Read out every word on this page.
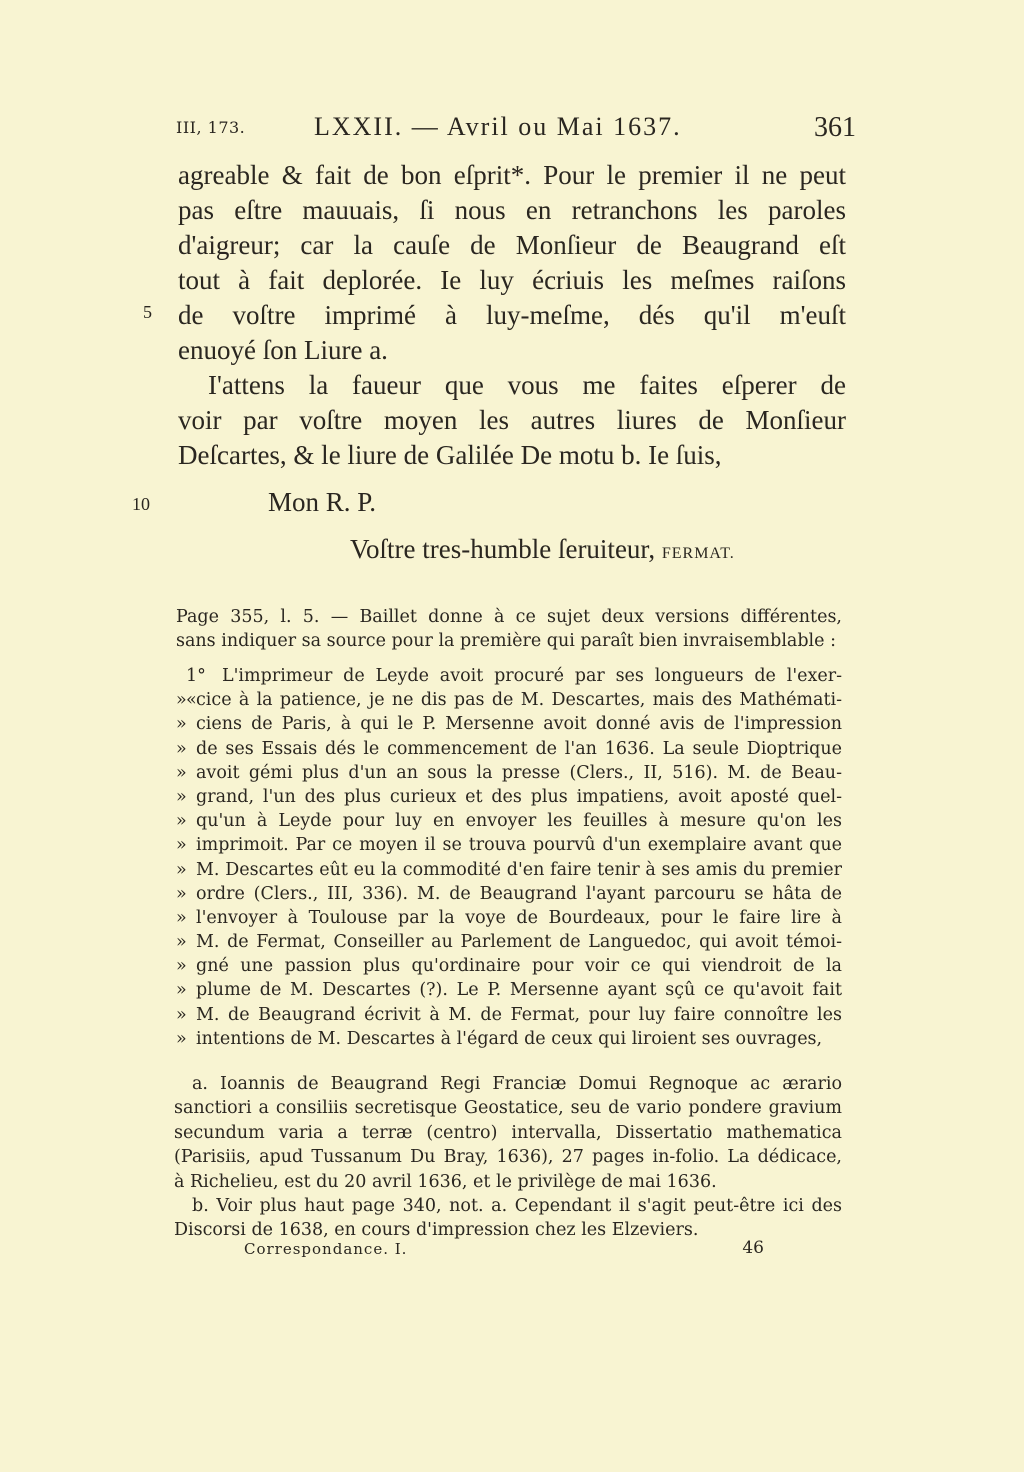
III, 173.	LXXII. — Avril ou Mai 1637.	361
agreable & fait de bon eſprit*. Pour le premier il ne peut
pas eſtre mauuais, ſi nous en retranchons les paroles
d'aigreur; car la cauſe de Monſieur de Beaugrand eſt
tout à fait deplorée. Ie luy écriuis les meſmes raiſons
de voſtre imprimé à luy-meſme, dés qu'il m'euſt
enuoyé ſon Liure a.
I'attens la faueur que vous me faites eſperer de
voir par voſtre moyen les autres liures de Monſieur
Deſcartes, & le liure de Galilée De motu b. Ie ſuis,
5
10	Mon R. P.
Voſtre tres-humble ſeruiteur, FERMAT.
Page 355, l. 5. — Baillet donne à ce sujet deux versions différentes,
sans indiquer sa source pour la première qui paraît bien invraisemblable :
1° «
L'imprimeur de Leyde avoit procuré par ses longueurs de l'exer-
» cice à la patience, je ne dis pas de M. Descartes, mais des Mathémati-
» ciens de Paris, à qui le P. Mersenne avoit donné avis de l'impression
» de ses Essais dés le commencement de l'an 1636. La seule Dioptrique
» avoit gémi plus d'un an sous la presse (Clers., II, 516). M. de Beau-
» grand, l'un des plus curieux et des plus impatiens, avoit aposté quel-
» qu'un à Leyde pour luy en envoyer les feuilles à mesure qu'on les
» imprimoit. Par ce moyen il se trouva pourvû d'un exemplaire avant que
» M. Descartes eût eu la commodité d'en faire tenir à ses amis du premier
» ordre (Clers., III, 336). M. de Beaugrand l'ayant parcouru se hâta de
» l'envoyer à Toulouse par la voye de Bourdeaux, pour le faire lire à
» M. de Fermat, Conseiller au Parlement de Languedoc, qui avoit témoi-
» gné une passion plus qu'ordinaire pour voir ce qui viendroit de la
» plume de M. Descartes (?). Le P. Mersenne ayant sçû ce qu'avoit fait
» M. de Beaugrand écrivit à M. de Fermat, pour luy faire connoître les
» intentions de M. Descartes à l'égard de ceux qui liroient ses ouvrages,
a. Ioannis de Beaugrand Regi Franciæ Domui Regnoque ac ærario
sanctiori a consiliis secretisque Geostatice, seu de vario pondere gravium
secundum varia a terræ (centro) intervalla, Dissertatio mathematica
(Parisiis, apud Tussanum Du Bray, 1636), 27 pages in-folio. La dédicace,
à Richelieu, est du 20 avril 1636, et le privilège de mai 1636.
b. Voir plus haut page 340, not. a. Cependant il s'agit peut-être ici des
Discorsi de 1638, en cours d'impression chez les Elzeviers.
Correspondance. I.	46
